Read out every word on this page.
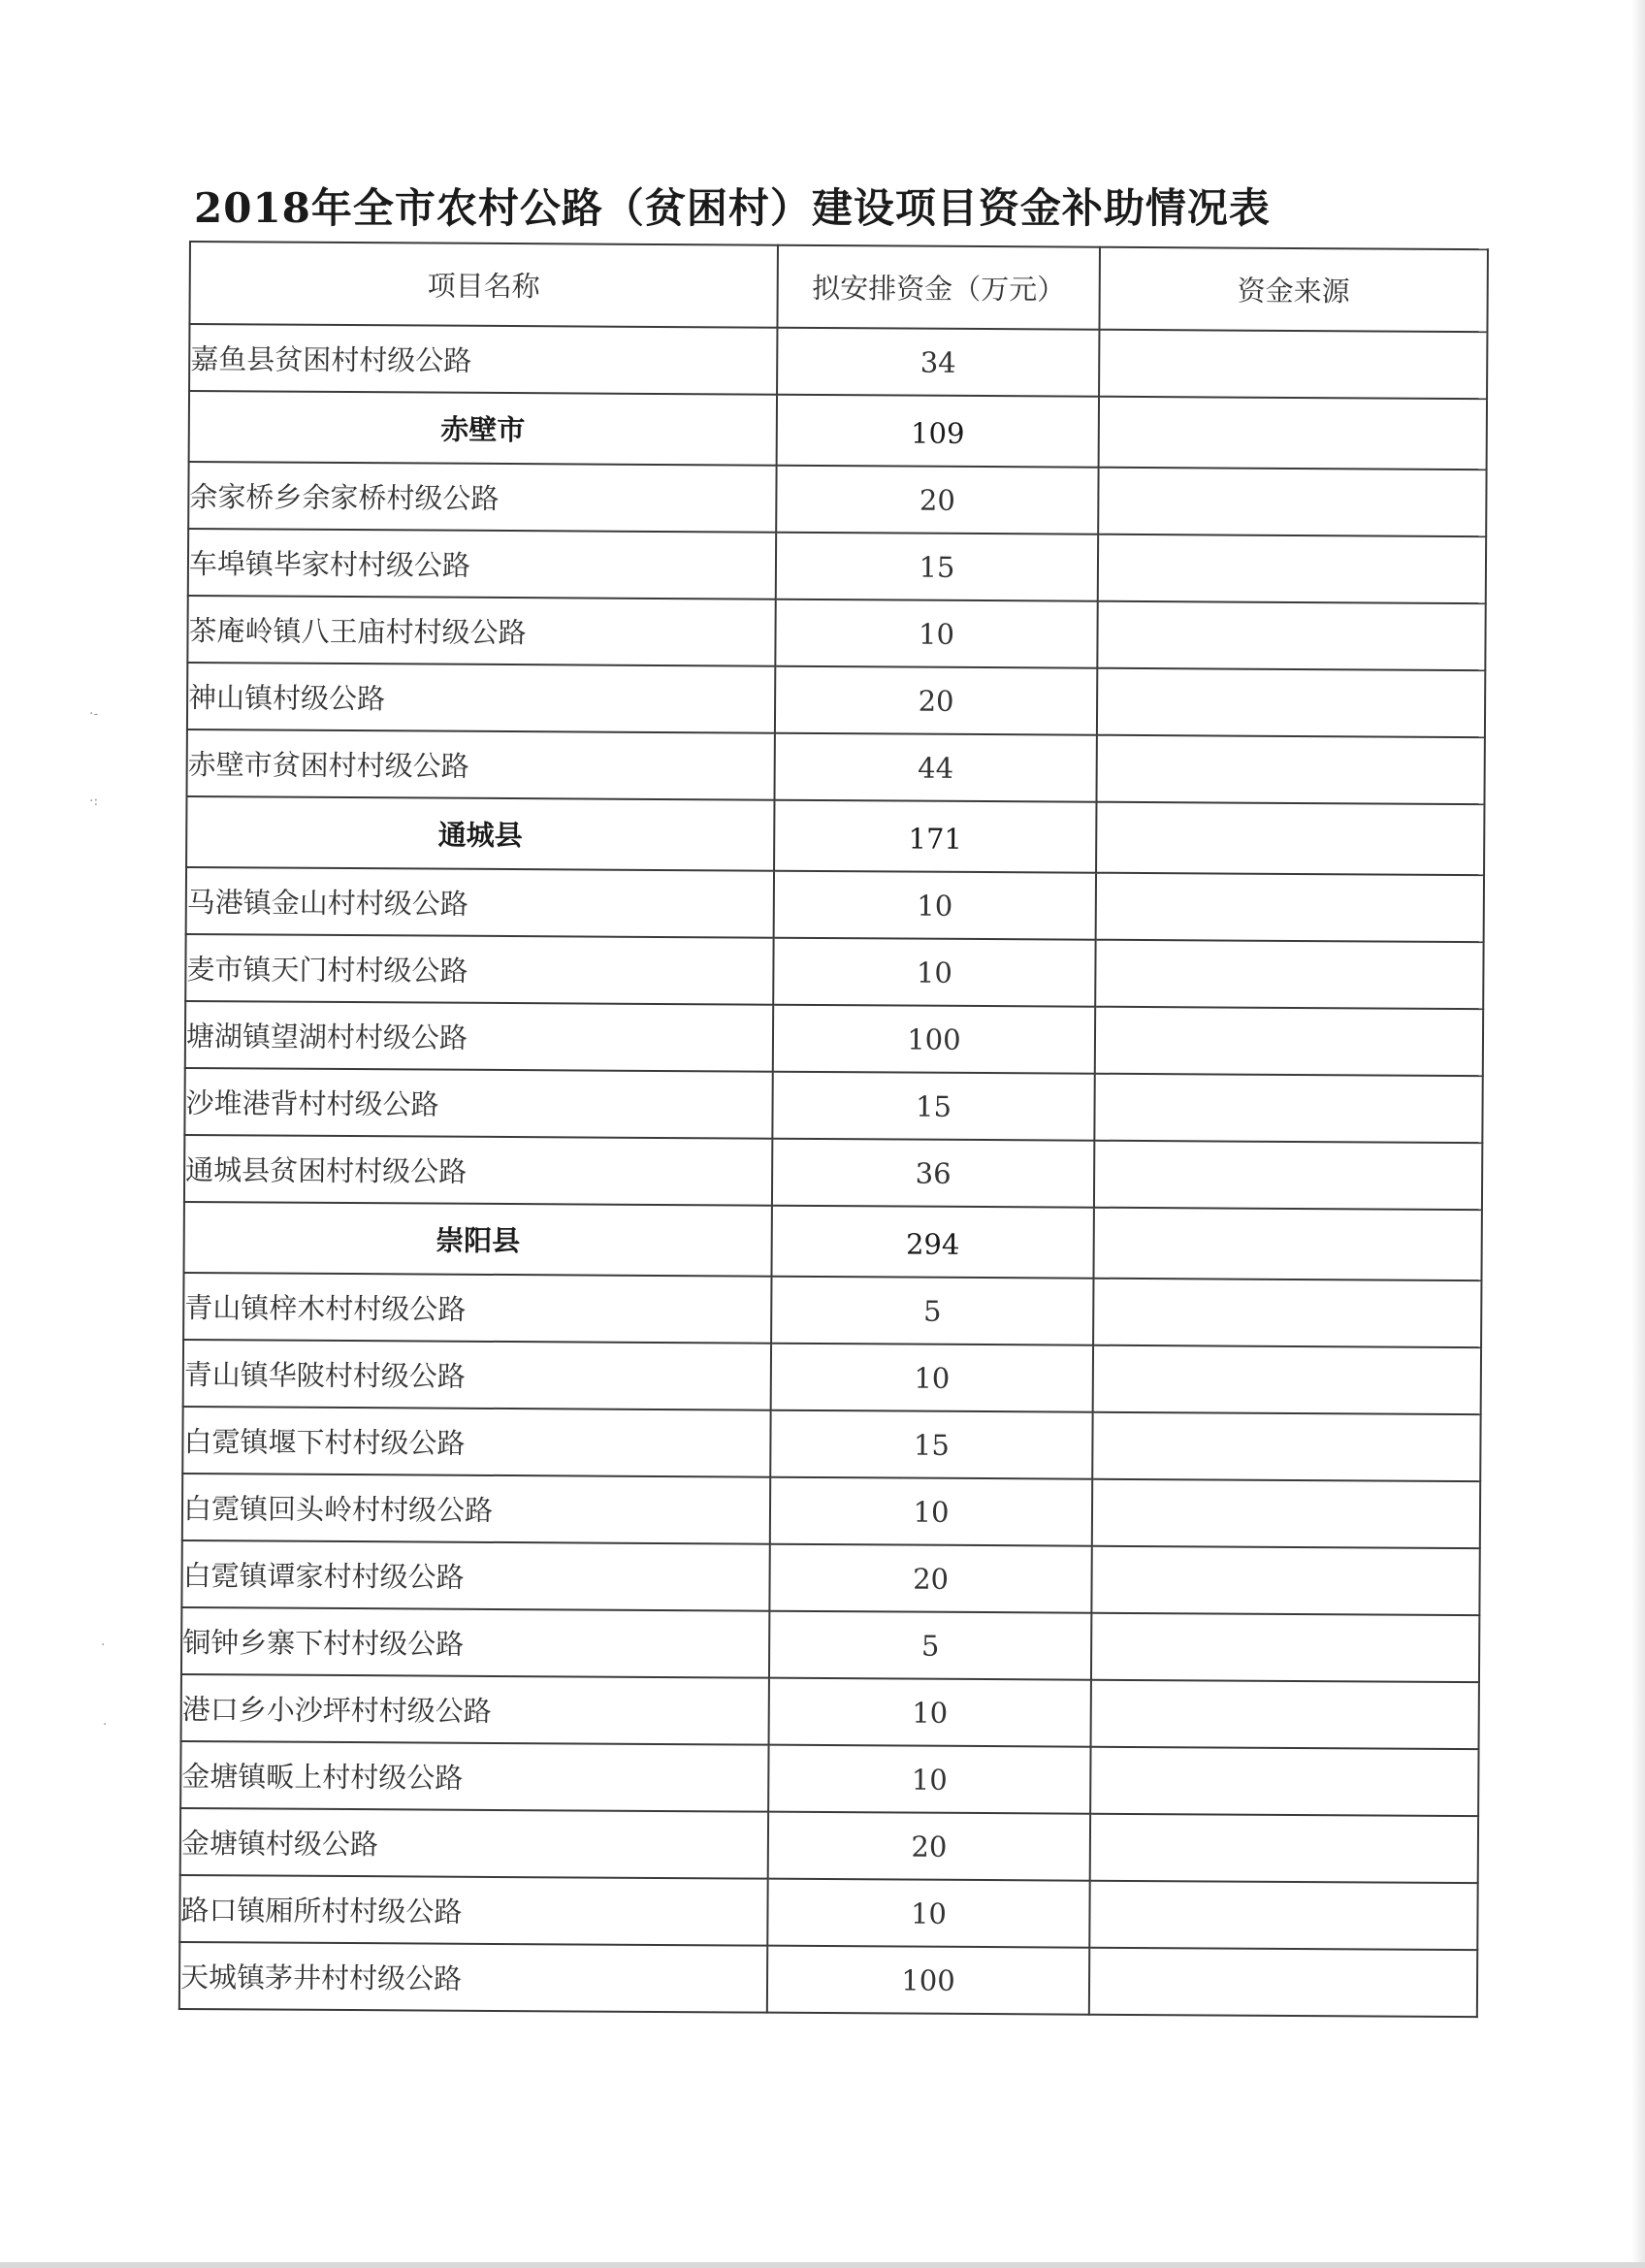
2018年全市农村公路（贫困村）建设项目资金补助情况表
项目名称	拟安排资金（万元）	资金来源
嘉鱼县贫困村村级公路	34	
赤壁市	109	
余家桥乡余家桥村级公路	20	
车埠镇毕家村村级公路	15	
茶庵岭镇八王庙村村级公路	10	
神山镇村级公路	20	
赤壁市贫困村村级公路	44	
通城县	171	
马港镇金山村村级公路	10	
麦市镇天门村村级公路	10	
塘湖镇望湖村村级公路	100	
沙堆港背村村级公路	15	
通城县贫困村村级公路	36	
崇阳县	294	
青山镇梓木村村级公路	5	
青山镇华陂村村级公路	10	
白霓镇堰下村村级公路	15	
白霓镇回头岭村村级公路	10	
白霓镇谭家村村级公路	20	
铜钟乡寨下村村级公路	5	
港口乡小沙坪村村级公路	10	
金塘镇畈上村村级公路	10	
金塘镇村级公路	20	
路口镇厢所村村级公路	10	
天城镇茅井村村级公路	100	
·-
·:
·
·
